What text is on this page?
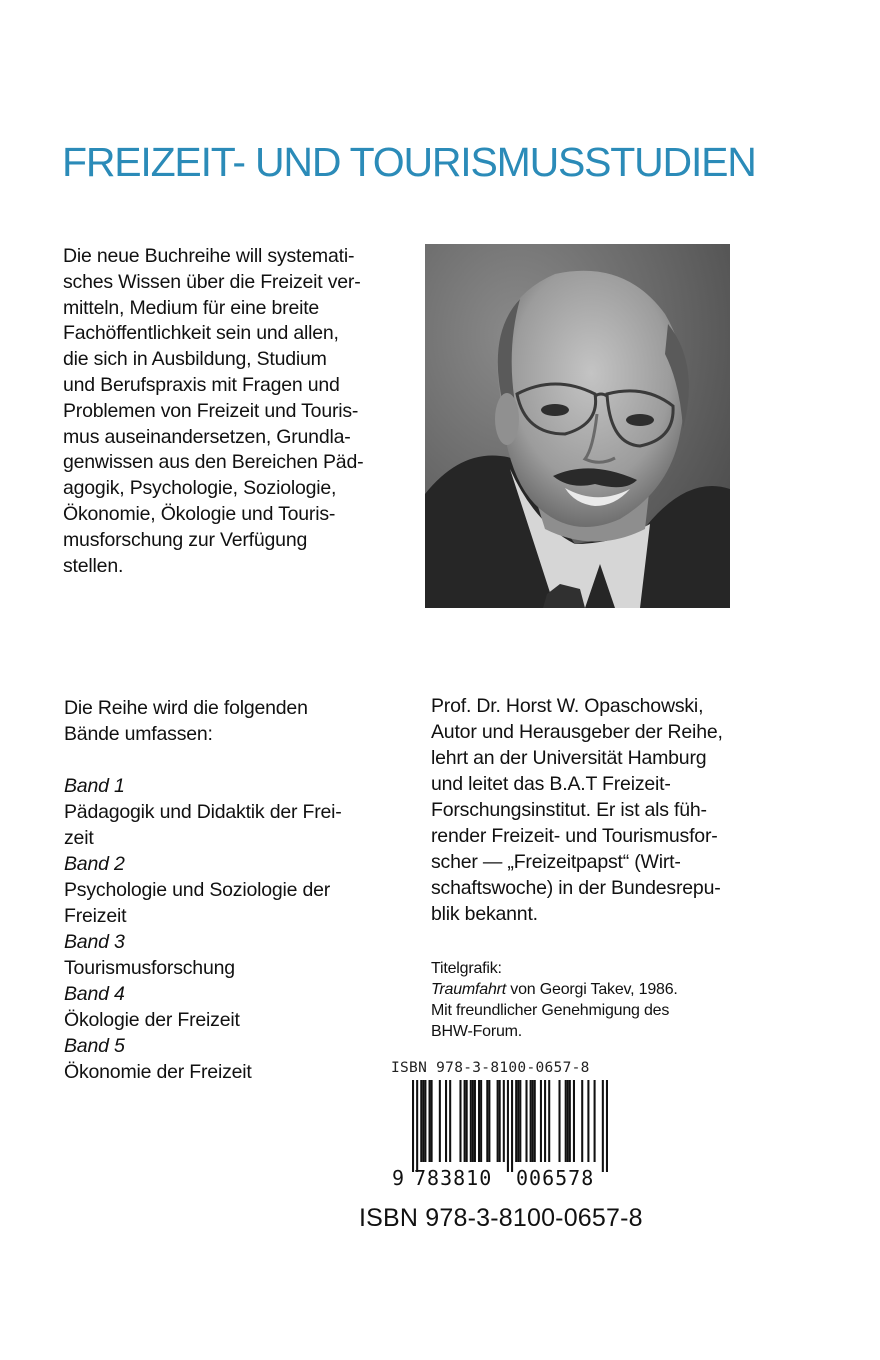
FREIZEIT- UND TOURISMUSSTUDIEN
Die neue Buchreihe will systemati-
sches Wissen über die Freizeit ver-
mitteln, Medium für eine breite
Fachöffentlichkeit sein und allen,
die sich in Ausbildung, Studium
und Berufspraxis mit Fragen und
Problemen von Freizeit und Touris-
mus auseinandersetzen, Grundla-
genwissen aus den Bereichen Päd-
agogik, Psychologie, Soziologie,
Ökonomie, Ökologie und Touris-
musforschung zur Verfügung
stellen.
Die Reihe wird die folgenden
Bände umfassen:
Band 1
Pädagogik und Didaktik der Frei-
zeit
Band 2
Psychologie und Soziologie der
Freizeit
Band 3
Tourismusforschung
Band 4
Ökologie der Freizeit
Band 5
Ökonomie der Freizeit
Prof. Dr. Horst W. Opaschowski,
Autor und Herausgeber der Reihe,
lehrt an der Universität Hamburg
und leitet das B.A.T Freizeit-
Forschungsinstitut. Er ist als füh-
render Freizeit- und Tourismusfor-
scher — „Freizeitpapst“ (Wirt-
schaftswoche) in der Bundesrepu-
blik bekannt.
Titelgrafik:
Traumfahrt von Georgi Takev, 1986.
Mit freundlicher Genehmigung des
BHW-Forum.
ISBN 978-3-8100-0657-8
9 783810 006578
ISBN 978-3-8100-0657-8
